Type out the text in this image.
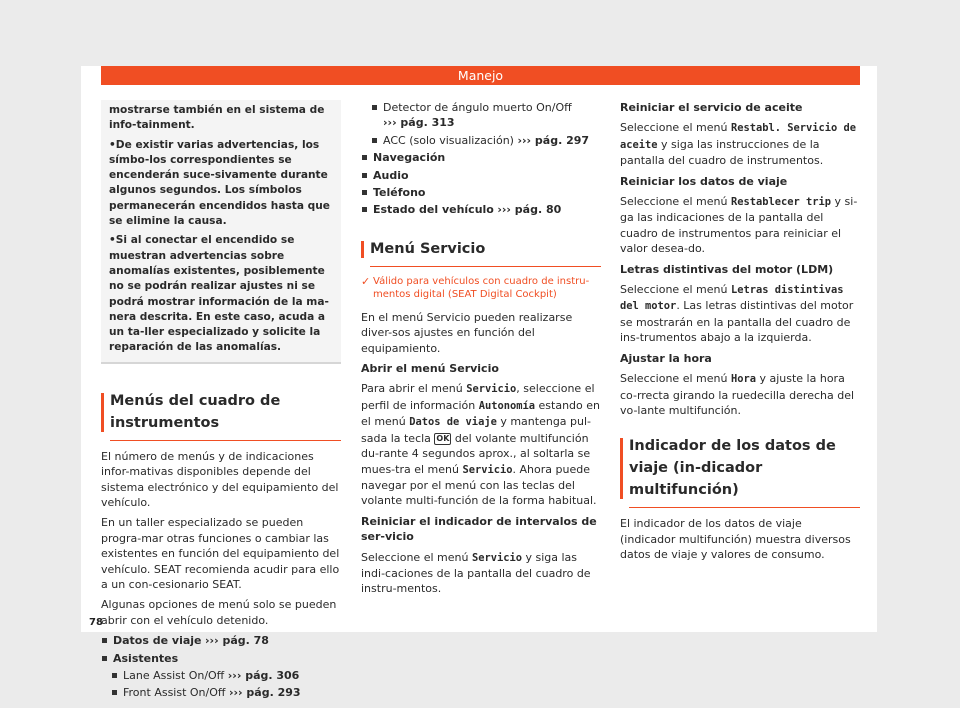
Manejo

mostrarse también en el sistema de info-tainment.

• De existir varias advertencias, los símbo-los correspondientes se encenderán suce-sivamente durante algunos segundos. Los símbolos permanecerán encendidos hasta que se elimine la causa.

• Si al conectar el encendido se muestran advertencias sobre anomalías existentes, posiblemente no se podrán realizar ajustes ni se podrá mostrar información de la ma-nera descrita. En este caso, acuda a un ta-ller especializado y solicite la reparación de las anomalías.

Menús del cuadro de instrumentos

El número de menús y de indicaciones infor-mativas disponibles depende del sistema electrónico y del equipamiento del vehículo.

En un taller especializado se pueden progra-mar otras funciones o cambiar las existentes en función del equipamiento del vehículo. SEAT recomienda acudir para ello a un con-cesionario SEAT.

Algunas opciones de menú solo se pueden abrir con el vehículo detenido.

Datos de viaje ››› pág. 78
Asistentes
Lane Assist On/Off ››› pág. 306
Front Assist On/Off ››› pág. 293
Detector de ángulo muerto On/Off
››› pág. 313
ACC (solo visualización) ››› pág. 297
Navegación
Audio
Teléfono
Estado del vehículo ››› pág. 80
Menú Servicio
✓ Válido para vehículos con cuadro de instru-mentos digital (SEAT Digital Cockpit)

En el menú Servicio pueden realizarse diver-sos ajustes en función del equipamiento.

Abrir el menú Servicio

Para abrir el menú Servicio, seleccione el perfil de información Autonomía estando en el menú Datos de viaje y mantenga pul-sada la tecla OK del volante multifunción du-rante 4 segundos aprox., al soltarla se mues-tra el menú Servicio. Ahora puede navegar por el menú con las teclas del volante multi-función de la forma habitual.

Reiniciar el indicador de intervalos de ser-vicio

Seleccione el menú Servicio y siga las indi-caciones de la pantalla del cuadro de instru-mentos.

Reiniciar el servicio de aceite

Seleccione el menú Restabl. Servicio de aceite y siga las instrucciones de la pantalla del cuadro de instrumentos.

Reiniciar los datos de viaje

Seleccione el menú Restablecer trip y si-ga las indicaciones de la pantalla del cuadro de instrumentos para reiniciar el valor desea-do.

Letras distintivas del motor (LDM)

Seleccione el menú Letras distintivas del motor. Las letras distintivas del motor se mostrarán en la pantalla del cuadro de ins-trumentos abajo a la izquierda.

Ajustar la hora

Seleccione el menú Hora y ajuste la hora co-rrecta girando la ruedecilla derecha del vo-lante multifunción.

Indicador de los datos de viaje (in-dicador multifunción)

El indicador de los datos de viaje (indicador multifunción) muestra diversos datos de viaje y valores de consumo.

78
